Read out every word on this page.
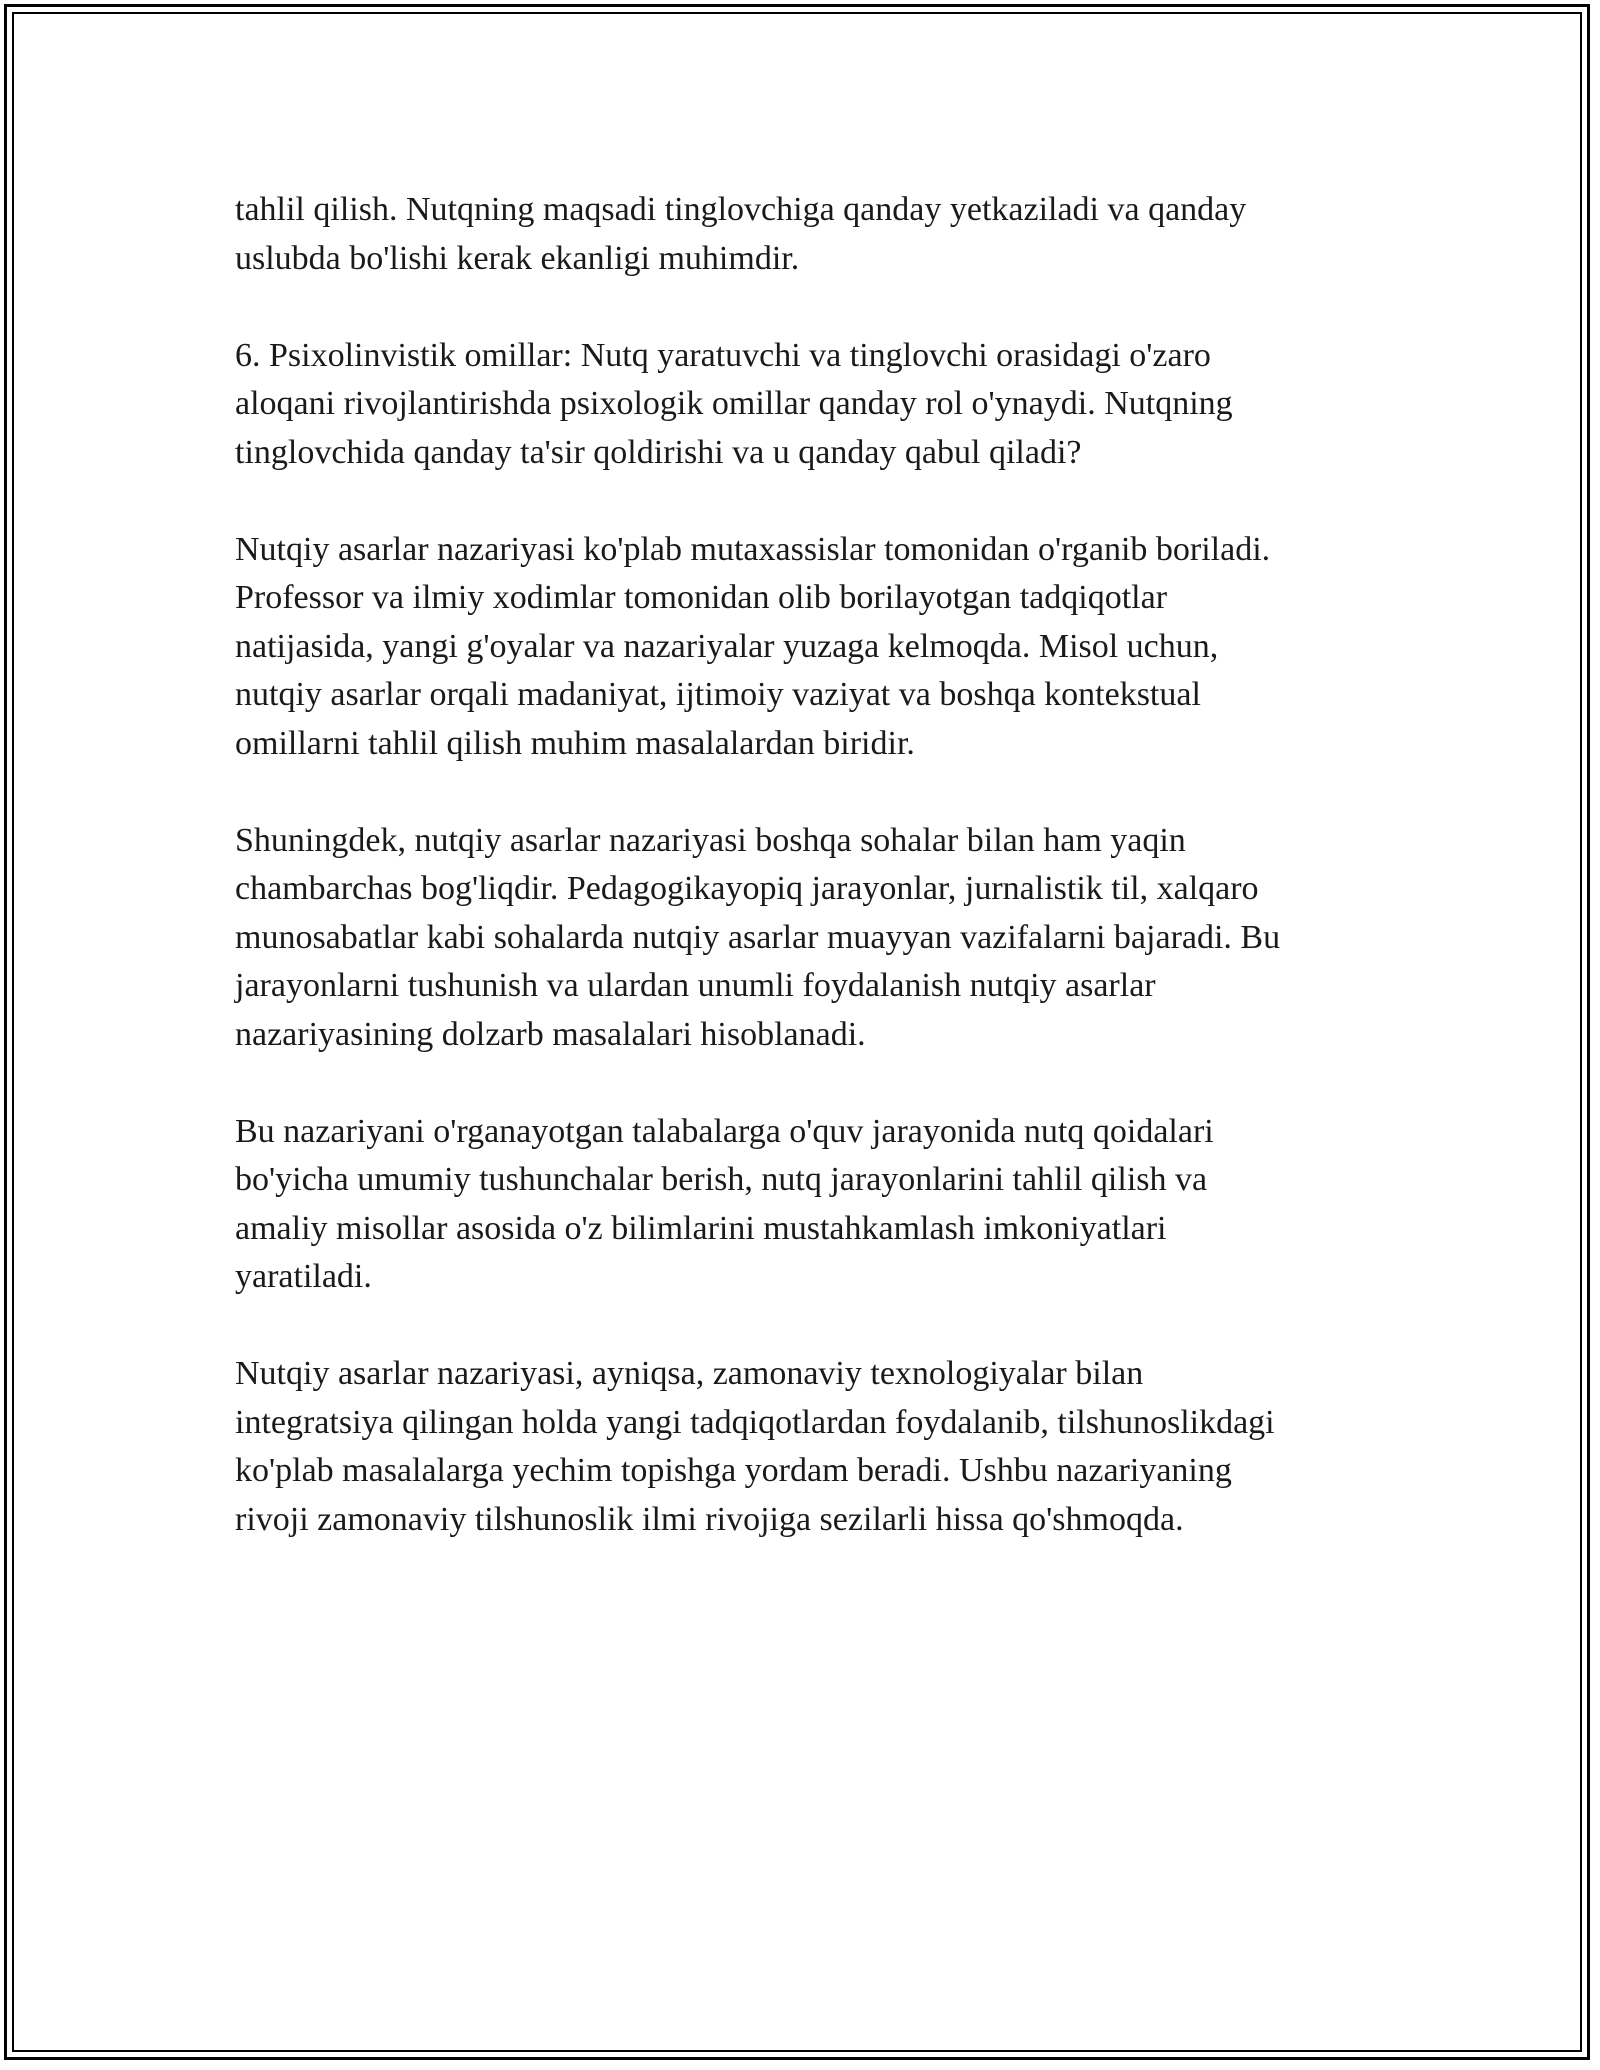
tahlil qilish. Nutqning maqsadi tinglovchiga qanday yetkaziladi va qanday
uslubda bo'lishi kerak ekanligi muhimdir.

6. Psixolinvistik omillar: Nutq yaratuvchi va tinglovchi orasidagi o'zaro
aloqani rivojlantirishda psixologik omillar qanday rol o'ynaydi. Nutqning
tinglovchida qanday ta'sir qoldirishi va u qanday qabul qiladi?

Nutqiy asarlar nazariyasi ko'plab mutaxassislar tomonidan o'rganib boriladi.
Professor va ilmiy xodimlar tomonidan olib borilayotgan tadqiqotlar
natijasida, yangi g'oyalar va nazariyalar yuzaga kelmoqda. Misol uchun,
nutqiy asarlar orqali madaniyat, ijtimoiy vaziyat va boshqa kontekstual
omillarni tahlil qilish muhim masalalardan biridir.

Shuningdek, nutqiy asarlar nazariyasi boshqa sohalar bilan ham yaqin
chambarchas bog'liqdir. Pedagogikayopiq jarayonlar, jurnalistik til, xalqaro
munosabatlar kabi sohalarda nutqiy asarlar muayyan vazifalarni bajaradi. Bu
jarayonlarni tushunish va ulardan unumli foydalanish nutqiy asarlar
nazariyasining dolzarb masalalari hisoblanadi.

Bu nazariyani o'rganayotgan talabalarga o'quv jarayonida nutq qoidalari
bo'yicha umumiy tushunchalar berish, nutq jarayonlarini tahlil qilish va
amaliy misollar asosida o'z bilimlarini mustahkamlash imkoniyatlari
yaratiladi.

Nutqiy asarlar nazariyasi, ayniqsa, zamonaviy texnologiyalar bilan
integratsiya qilingan holda yangi tadqiqotlardan foydalanib, tilshunoslikdagi
ko'plab masalalarga yechim topishga yordam beradi. Ushbu nazariyaning
rivoji zamonaviy tilshunoslik ilmi rivojiga sezilarli hissa qo'shmoqda.
